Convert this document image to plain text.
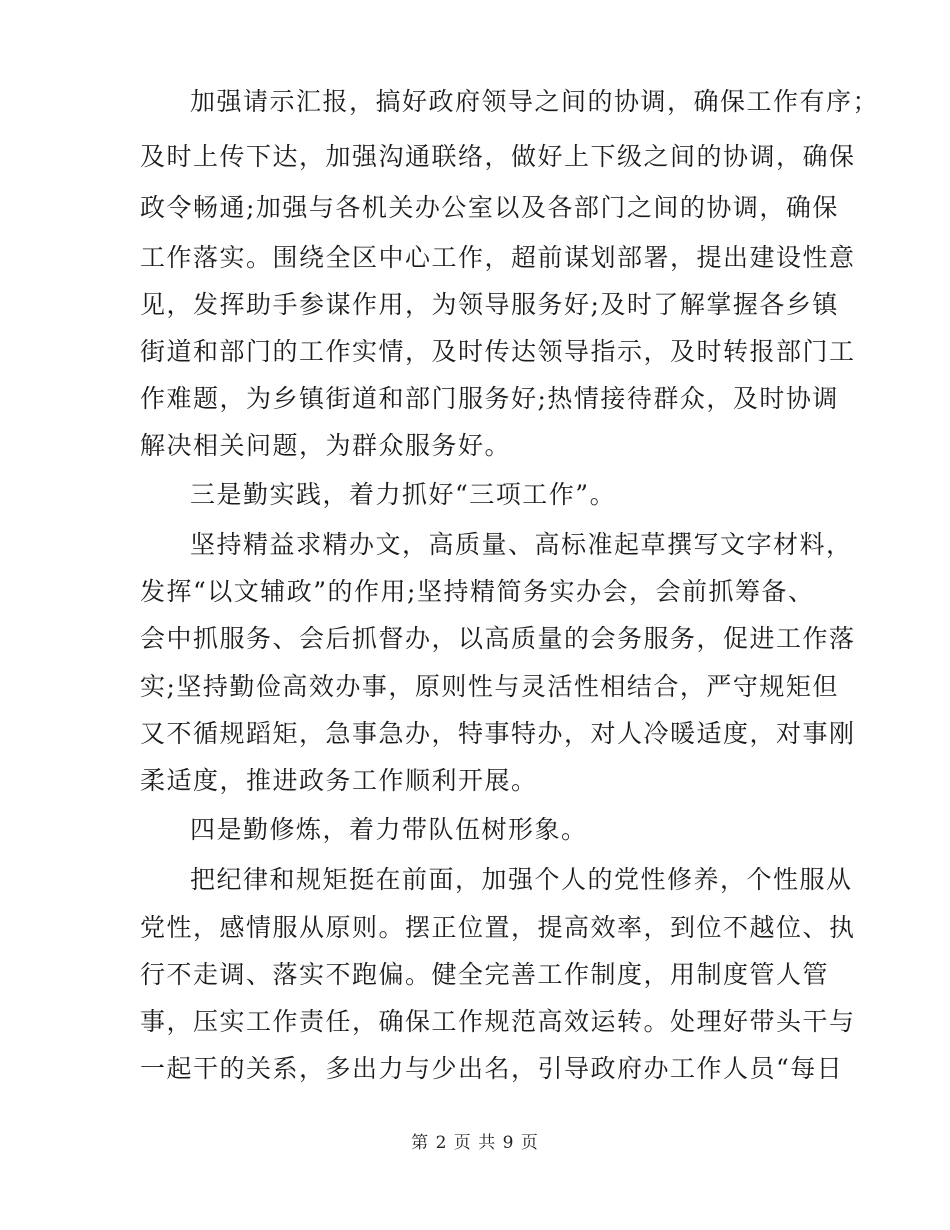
加强请示汇报，搞好政府领导之间的协调，确保工作有序；
及时上传下达，加强沟通联络，做好上下级之间的协调，确保
政令畅通;加强与各机关办公室以及各部门之间的协调，确保
工作落实。围绕全区中心工作，超前谋划部署，提出建设性意
见，发挥助手参谋作用，为领导服务好;及时了解掌握各乡镇
街道和部门的工作实情，及时传达领导指示，及时转报部门工
作难题，为乡镇街道和部门服务好;热情接待群众，及时协调
解决相关问题，为群众服务好。
三是勤实践，着力抓好“三项工作”。
坚持精益求精办文，高质量、高标准起草撰写文字材料，
发挥“以文辅政”的作用;坚持精简务实办会，会前抓筹备、
会中抓服务、会后抓督办，以高质量的会务服务，促进工作落
实;坚持勤俭高效办事，原则性与灵活性相结合，严守规矩但
又不循规蹈矩，急事急办，特事特办，对人冷暖适度，对事刚
柔适度，推进政务工作顺利开展。
四是勤修炼，着力带队伍树形象。
把纪律和规矩挺在前面，加强个人的党性修养，个性服从
党性，感情服从原则。摆正位置，提高效率，到位不越位、执
行不走调、落实不跑偏。健全完善工作制度，用制度管人管
事，压实工作责任，确保工作规范高效运转。处理好带头干与
一起干的关系，多出力与少出名，引导政府办工作人员“每日
第 2 页 共 9 页
